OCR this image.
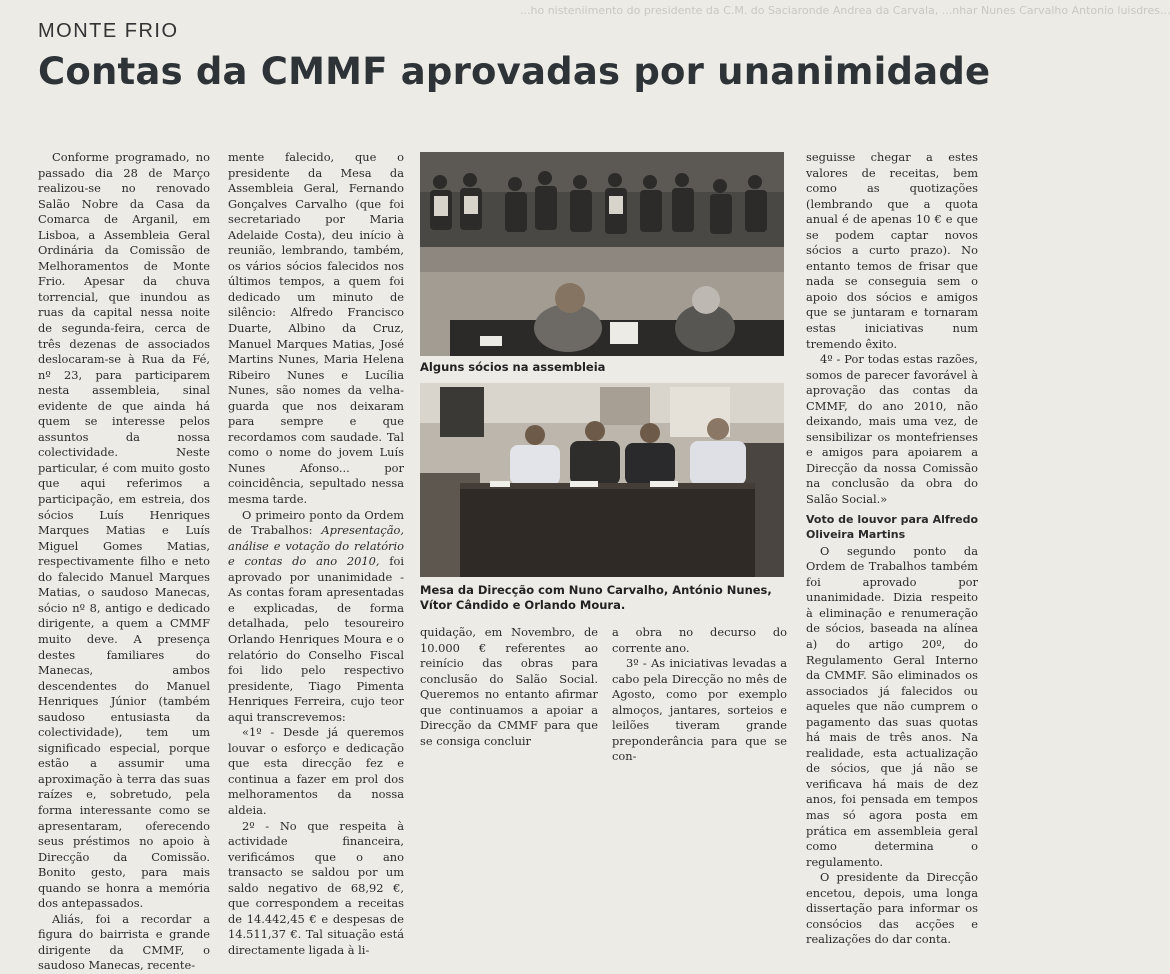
...ho nisteniimento do presidente da C.M. do Saciaronde Andrea da Carvala, ...nhar Nunes Carvalho Antonio luisdres...
MONTE FRIO
Contas da CMMF aprovadas por unanimidade

Conforme programado, no passado dia 28 de Março realizou-se no renovado Salão Nobre da Casa da Comarca de Arganil, em Lisboa, a Assembleia Geral Ordinária da Comissão de Melhoramentos de Monte Frio. Apesar da chuva torrencial, que inundou as ruas da capital nessa noite de segunda-feira, cerca de três dezenas de associados deslocaram-se à Rua da Fé, nº 23, para participarem nesta assembleia, sinal evidente de que ainda há quem se interesse pelos assuntos da nossa colectividade. Neste particular, é com muito gosto que aqui referimos a participação, em estreia, dos sócios Luís Henriques Marques Matias e Luís Miguel Gomes Matias, respectivamente filho e neto do falecido Manuel Marques Matias, o saudoso Manecas, sócio nº 8, antigo e dedicado dirigente, a quem a CMMF muito deve. A presença destes familiares do Manecas, ambos descendentes do Manuel Henriques Júnior (também saudoso entusiasta da colectividade), tem um significado especial, porque estão a assumir uma aproximação à terra das suas raízes e, sobretudo, pela forma interessante como se apresentaram, oferecendo seus préstimos no apoio à Direcção da Comissão. Bonito gesto, para mais quando se honra a memória dos antepassados.

Aliás, foi a recordar a figura do bairrista e grande dirigente da CMMF, o saudoso Manecas, recente-

mente falecido, que o presidente da Mesa da Assembleia Geral, Fernando Gonçalves Carvalho (que foi secretariado por Maria Adelaide Costa), deu início à reunião, lembrando, também, os vários sócios falecidos nos últimos tempos, a quem foi dedicado um minuto de silêncio: Alfredo Francisco Duarte, Albino da Cruz, Manuel Marques Matias, José Martins Nunes, Maria Helena Ribeiro Nunes e Lucília Nunes, são nomes da velha-guarda que nos deixaram para sempre e que recordamos com saudade. Tal como o nome do jovem Luís Nunes Afonso... por coincidência, sepultado nessa mesma tarde.

O primeiro ponto da Ordem de Trabalhos: Apresentação, análise e votação do relatório e contas do ano 2010, foi aprovado por unanimidade - As contas foram apresentadas e explicadas, de forma detalhada, pelo tesoureiro Orlando Henriques Moura e o relatório do Conselho Fiscal foi lido pelo respectivo presidente, Tiago Pimenta Henriques Ferreira, cujo teor aqui transcrevemos:

«1º - Desde já queremos louvar o esforço e dedicação que esta direcção fez e continua a fazer em prol dos melhoramentos da nossa aldeia.

2º - No que respeita à actividade financeira, verificámos que o ano transacto se saldou por um saldo negativo de 68,92 €, que correspondem a receitas de 14.442,45 € e despesas de 14.511,37 €. Tal situação está directamente ligada à li-

Alguns sócios na assembleia
Mesa da Direcção com Nuno Carvalho, António Nunes, Vítor Cândido e Orlando Moura.

quidação, em Novembro, de 10.000 € referentes ao reinício das obras para conclusão do Salão Social. Queremos no entanto afirmar que continuamos a apoiar a Direcção da CMMF para que se consiga concluir

a obra no decurso do corrente ano.

3º - As iniciativas levadas a cabo pela Direcção no mês de Agosto, como por exemplo almoços, jantares, sorteios e leilões tiveram grande preponderância para que se con-

seguisse chegar a estes valores de receitas, bem como as quotizações (lembrando que a quota anual é de apenas 10 € e que se podem captar novos sócios a curto prazo). No entanto temos de frisar que nada se conseguia sem o apoio dos sócios e amigos que se juntaram e tornaram estas iniciativas num tremendo êxito.

4º - Por todas estas razões, somos de parecer favorável à aprovação das contas da CMMF, do ano 2010, não deixando, mais uma vez, de sensibilizar os montefrienses e amigos para apoiarem a Direcção da nossa Comissão na conclusão da obra do Salão Social.»

Voto de louvor para Alfredo Oliveira Martins

O segundo ponto da Ordem de Trabalhos também foi aprovado por unanimidade. Dizia respeito à eliminação e renumeração de sócios, baseada na alínea a) do artigo 20º, do Regulamento Geral Interno da CMMF. São eliminados os associados já falecidos ou aqueles que não cumprem o pagamento das suas quotas há mais de três anos. Na realidade, esta actualização de sócios, que já não se verificava há mais de dez anos, foi pensada em tempos mas só agora posta em prática em assembleia geral como determina o regulamento.

O presidente da Direcção encetou, depois, uma longa dissertação para informar os consócios das acções e realizações do dar conta.
